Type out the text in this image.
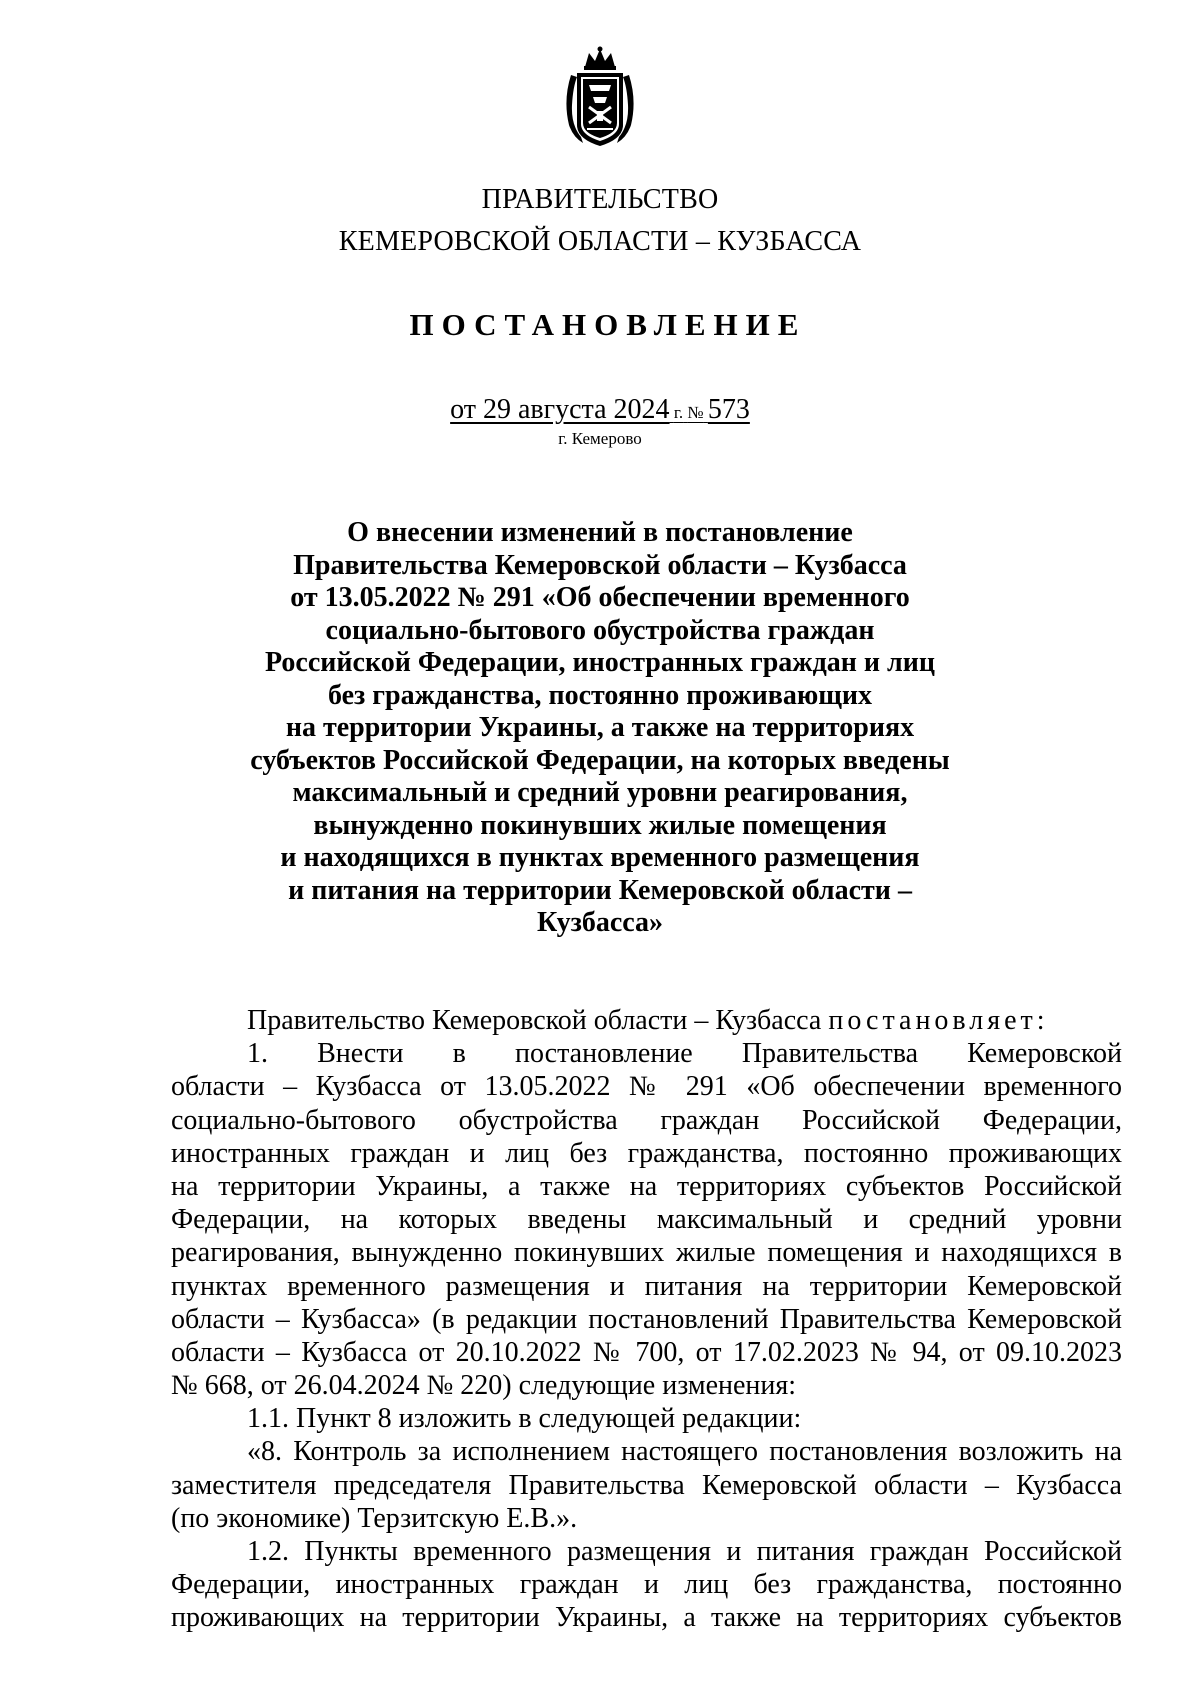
ПРАВИТЕЛЬСТВО
КЕМЕРОВСКОЙ ОБЛАСТИ – КУЗБАССА
ПОСТАНОВЛЕНИЕ
от 29 августа 2024 г. № 573
г. Кемерово
О внесении изменений в постановление
Правительства Кемеровской области – Кузбасса
от 13.05.2022 № 291 «Об обеспечении временного
социально-бытового обустройства граждан
Российской Федерации, иностранных граждан и лиц
без гражданства, постоянно проживающих
на территории Украины, а также на территориях
субъектов Российской Федерации, на которых введены
максимальный и средний уровни реагирования,
вынужденно покинувших жилые помещения
и находящихся в пунктах временного размещения
и питания на территории Кемеровской области –
Кузбасса»
Правительство Кемеровской области – Кузбасса постановляет:
1. Внести в постановление Правительства Кемеровской
области – Кузбасса от 13.05.2022 № 291 «Об обеспечении временного
социально-бытового обустройства граждан Российской Федерации,
иностранных граждан и лиц без гражданства, постоянно проживающих
на территории Украины, а также на территориях субъектов Российской
Федерации, на которых введены максимальный и средний уровни
реагирования, вынужденно покинувших жилые помещения и находящихся в
пунктах временного размещения и питания на территории Кемеровской
области – Кузбасса» (в редакции постановлений Правительства Кемеровской
области – Кузбасса от 20.10.2022 № 700, от 17.02.2023 № 94, от 09.10.2023
№ 668, от 26.04.2024 № 220) следующие изменения:
1.1. Пункт 8 изложить в следующей редакции:
«8. Контроль за исполнением настоящего постановления возложить на
заместителя председателя Правительства Кемеровской области – Кузбасса
(по экономике) Терзитскую Е.В.».
1.2. Пункты временного размещения и питания граждан Российской
Федерации, иностранных граждан и лиц без гражданства, постоянно
проживающих на территории Украины, а также на территориях субъектов
